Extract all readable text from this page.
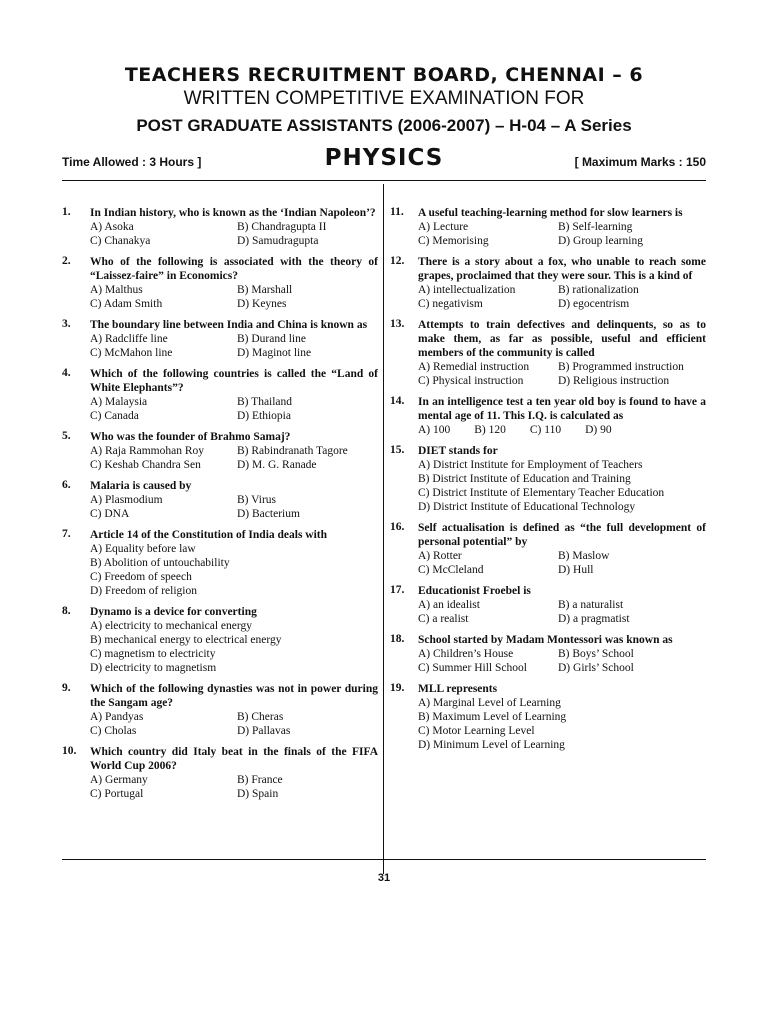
TEACHERS RECRUITMENT BOARD, CHENNAI – 6
WRITTEN COMPETITIVE EXAMINATION FOR
POST GRADUATE ASSISTANTS (2006-2007) – H-04 – A Series
Time Allowed : 3 Hours ]	PHYSICS	[ Maximum Marks : 150
1. In Indian history, who is known as the ‘Indian Napoleon’?
A) Asoka	B) Chandragupta II
C) Chanakya	D) Samudragupta
2. Who of the following is associated with the theory of “Laissez-faire” in Economics?
A) Malthus	B) Marshall
C) Adam Smith	D) Keynes
3. The boundary line between India and China is known as
A) Radcliffe line	B) Durand line
C) McMahon line	D) Maginot line
4. Which of the following countries is called the “Land of White Elephants”?
A) Malaysia	B) Thailand
C) Canada	D) Ethiopia
5. Who was the founder of Brahmo Samaj?
A) Raja Rammohan Roy	B) Rabindranath Tagore
C) Keshab Chandra Sen	D) M. G. Ranade
6. Malaria is caused by
A) Plasmodium	B) Virus
C) DNA	D) Bacterium
7. Article 14 of the Constitution of India deals with
A) Equality before law
B) Abolition of untouchability
C) Freedom of speech
D) Freedom of religion
8. Dynamo is a device for converting
A) electricity to mechanical energy
B) mechanical energy to electrical energy
C) magnetism to electricity
D) electricity to magnetism
9. Which of the following dynasties was not in power during the Sangam age?
A) Pandyas	B) Cheras
C) Cholas	D) Pallavas
10. Which country did Italy beat in the finals of the FIFA World Cup 2006?
A) Germany	B) France
C) Portugal	D) Spain
11. A useful teaching-learning method for slow learners is
A) Lecture	B) Self-learning
C) Memorising	D) Group learning
12. There is a story about a fox, who unable to reach some grapes, proclaimed that they were sour. This is a kind of
A) intellectualization	B) rationalization
C) negativism	D) egocentrism
13. Attempts to train defectives and delinquents, so as to make them, as far as possible, useful and efficient members of the community is called
A) Remedial instruction	B) Programmed instruction
C) Physical instruction	D) Religious instruction
14. In an intelligence test a ten year old boy is found to have a mental age of 11. This I.Q. is calculated as
A) 100 B) 120 C) 110 D) 90
15. DIET stands for
A) District Institute for Employment of Teachers
B) District Institute of Education and Training
C) District Institute of Elementary Teacher Education
D) District Institute of Educational Technology
16. Self actualisation is defined as “the full development of personal potential” by
A) Rotter	B) Maslow
C) McCleland	D) Hull
17. Educationist Froebel is
A) an idealist	B) a naturalist
C) a realist	D) a pragmatist
18. School started by Madam Montessori was known as
A) Children’s House	B) Boys’ School
C) Summer Hill School	D) Girls’ School
19. MLL represents
A) Marginal Level of Learning
B) Maximum Level of Learning
C) Motor Learning Level
D) Minimum Level of Learning
31
